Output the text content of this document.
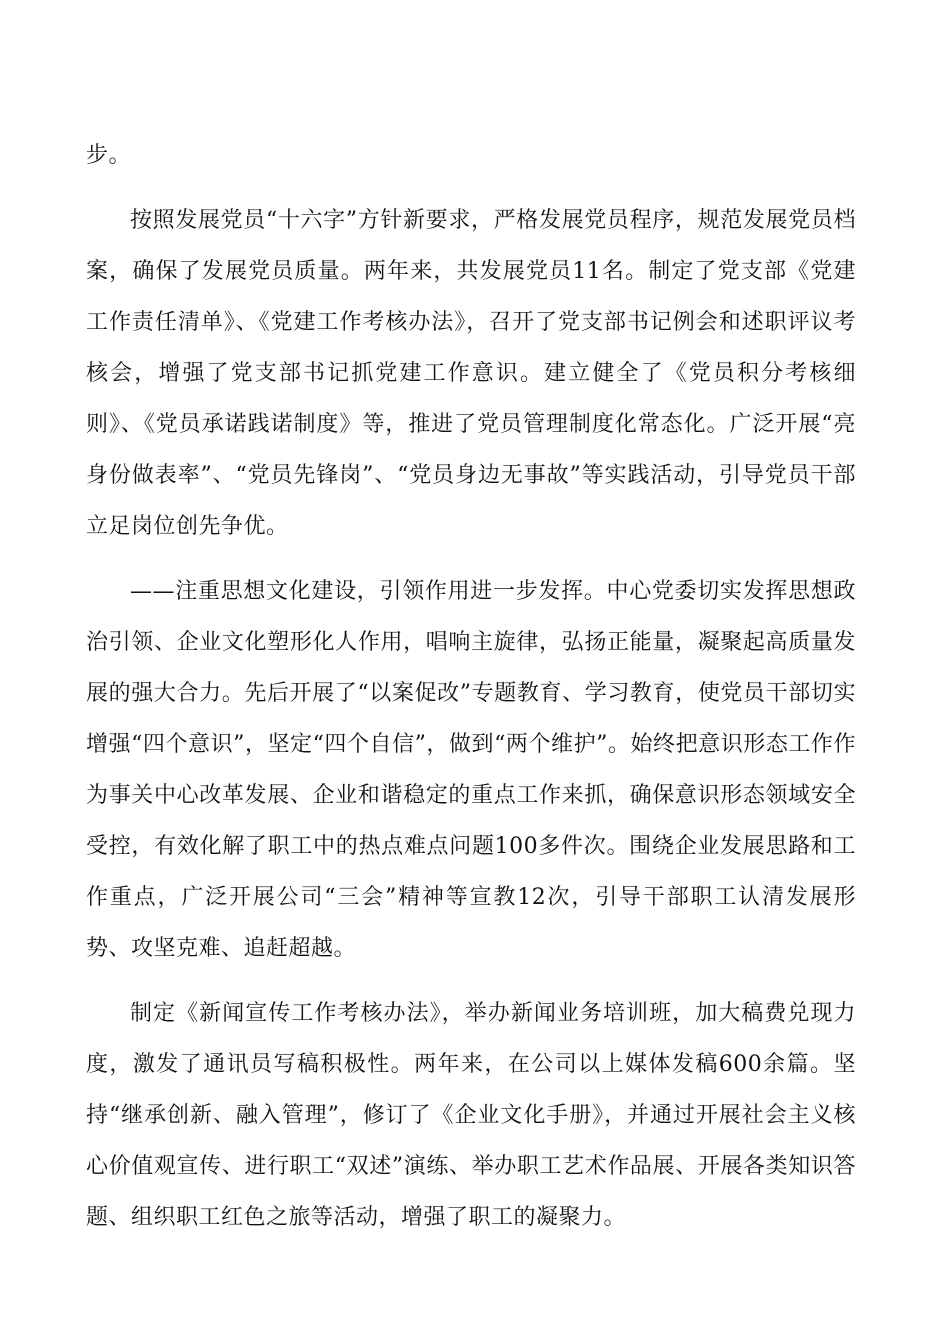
步。

按照发展党员“十六字”方针新要求，严格发展党员程序，规范发展党员档案，确保了发展党员质量。两年来，共发展党员11名。制定了党支部《党建工作责任清单》、《党建工作考核办法》，召开了党支部书记例会和述职评议考核会，增强了党支部书记抓党建工作意识。建立健全了《党员积分考核细则》、《党员承诺践诺制度》等，推进了党员管理制度化常态化。广泛开展“亮身份做表率”、“党员先锋岗”、“党员身边无事故”等实践活动，引导党员干部立足岗位创先争优。

——注重思想文化建设，引领作用进一步发挥。中心党委切实发挥思想政治引领、企业文化塑形化人作用，唱响主旋律，弘扬正能量，凝聚起高质量发展的强大合力。先后开展了“以案促改”专题教育、学习教育，使党员干部切实增强“四个意识”，坚定“四个自信”，做到“两个维护”。始终把意识形态工作作为事关中心改革发展、企业和谐稳定的重点工作来抓，确保意识形态领域安全受控，有效化解了职工中的热点难点问题100多件次。围绕企业发展思路和工作重点，广泛开展公司“三会”精神等宣教12次，引导干部职工认清发展形势、攻坚克难、追赶超越。

制定《新闻宣传工作考核办法》，举办新闻业务培训班，加大稿费兑现力度，激发了通讯员写稿积极性。两年来，在公司以上媒体发稿600余篇。坚持“继承创新、融入管理”，修订了《企业文化手册》，并通过开展社会主义核心价值观宣传、进行职工“双述”演练、举办职工艺术作品展、开展各类知识答题、组织职工红色之旅等活动，增强了职工的凝聚力。
